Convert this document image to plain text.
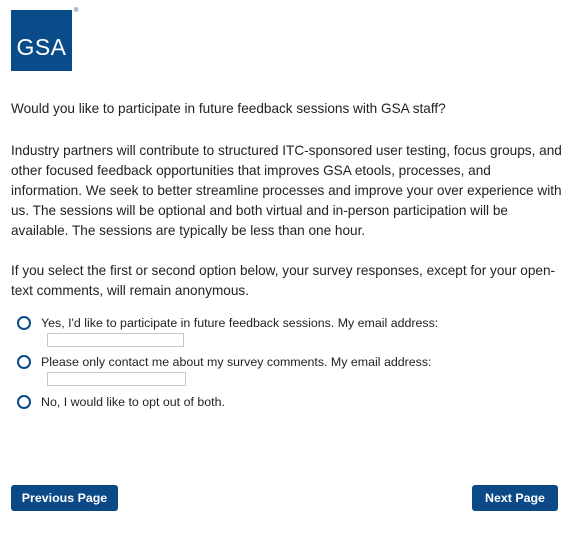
GSA
®
Would you like to participate in future feedback sessions with GSA staff?
Industry partners will contribute to structured ITC-sponsored user testing, focus groups, and other focused feedback opportunities that improves GSA etools, processes, and information. We seek to better streamline processes and improve your over experience with us. The sessions will be optional and both virtual and in-person participation will be available. The sessions are typically be less than one hour.
If you select the first or second option below, your survey responses, except for your open-text comments, will remain anonymous.
Yes, I'd like to participate in future feedback sessions. My email address:
Please only contact me about my survey comments. My email address:
No, I would like to opt out of both.
Previous Page	Next Page
